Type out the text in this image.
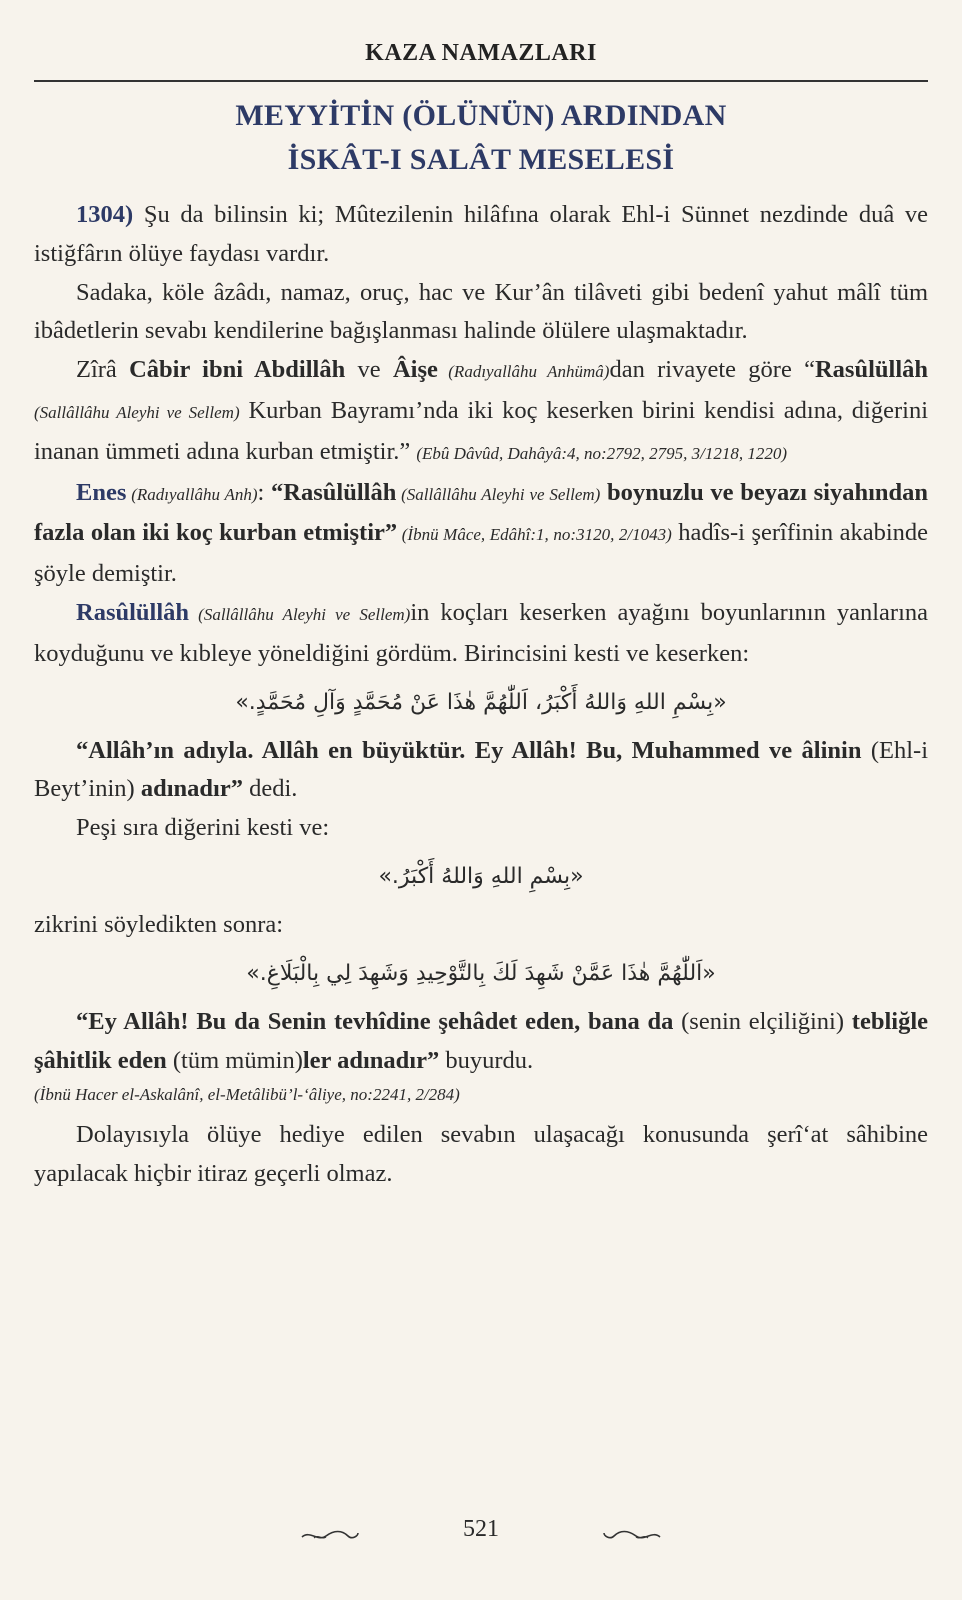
KAZA NAMAZLARI
MEYYİTİN (ÖLÜNÜN) ARDINDAN
İSKÂT-I SALÂT MESELESİ

1304) Şu da bilinsin ki; Mûtezilenin hilâfına olarak Ehl-i Sünnet nezdinde duâ ve istiğfârın ölüye faydası vardır.

Sadaka, köle âzâdı, namaz, oruç, hac ve Kur’ân tilâveti gibi bedenî yahut mâlî tüm ibâdetlerin sevabı kendilerine bağışlanması halinde ölülere ulaşmaktadır.

Zîrâ Câbir ibni Abdillâh ve Âişe (Radıyallâhu Anhümâ)dan rivayete göre “Rasûlüllâh (Sallâllâhu Aleyhi ve Sellem) Kurban Bayramı’nda iki koç keserken birini kendisi adına, diğerini inanan ümmeti adına kurban etmiştir.” (Ebû Dâvûd, Dahâyâ:4, no:2792, 2795, 3/1218, 1220)

Enes (Radıyallâhu Anh): “Rasûlüllâh (Sallâllâhu Aleyhi ve Sellem) boynuzlu ve beyazı siyahından fazla olan iki koç kurban etmiştir” (İbnü Mâce, Edâhî:1, no:3120, 2/1043) hadîs-i şerîfinin akabinde şöyle demiştir.

Rasûlüllâh (Sallâllâhu Aleyhi ve Sellem)in koçları keserken ayağını boyunlarının yanlarına koyduğunu ve kıbleye yöneldiğini gördüm. Birincisini kesti ve keserken:

«بِسْمِ اللهِ وَاللهُ أَكْبَرُ، اَللّٰهُمَّ هٰذَا عَنْ مُحَمَّدٍ وَآلِ مُحَمَّدٍ.»

“Allâh’ın adıyla. Allâh en büyüktür. Ey Allâh! Bu, Muhammed ve âlinin (Ehl-i Beyt’inin) adınadır” dedi.

Peşi sıra diğerini kesti ve:

«بِسْمِ اللهِ وَاللهُ أَكْبَرُ.»

zikrini söyledikten sonra:

«اَللّٰهُمَّ هٰذَا عَمَّنْ شَهِدَ لَكَ بِالتَّوْحِيدِ وَشَهِدَ لِي بِالْبَلَاغِ.»

“Ey Allâh! Bu da Senin tevhîdine şehâdet eden, bana da (senin elçiliğini) tebliğle şâhitlik eden (tüm mümin)ler adınadır” buyurdu.

(İbnü Hacer el-Askalânî, el-Metâlibü’l-‘âliye, no:2241, 2/284)

Dolayısıyla ölüye hediye edilen sevabın ulaşacağı konusunda şerî‘at sâhibine yapılacak hiçbir itiraz geçerli olmaz.

521
